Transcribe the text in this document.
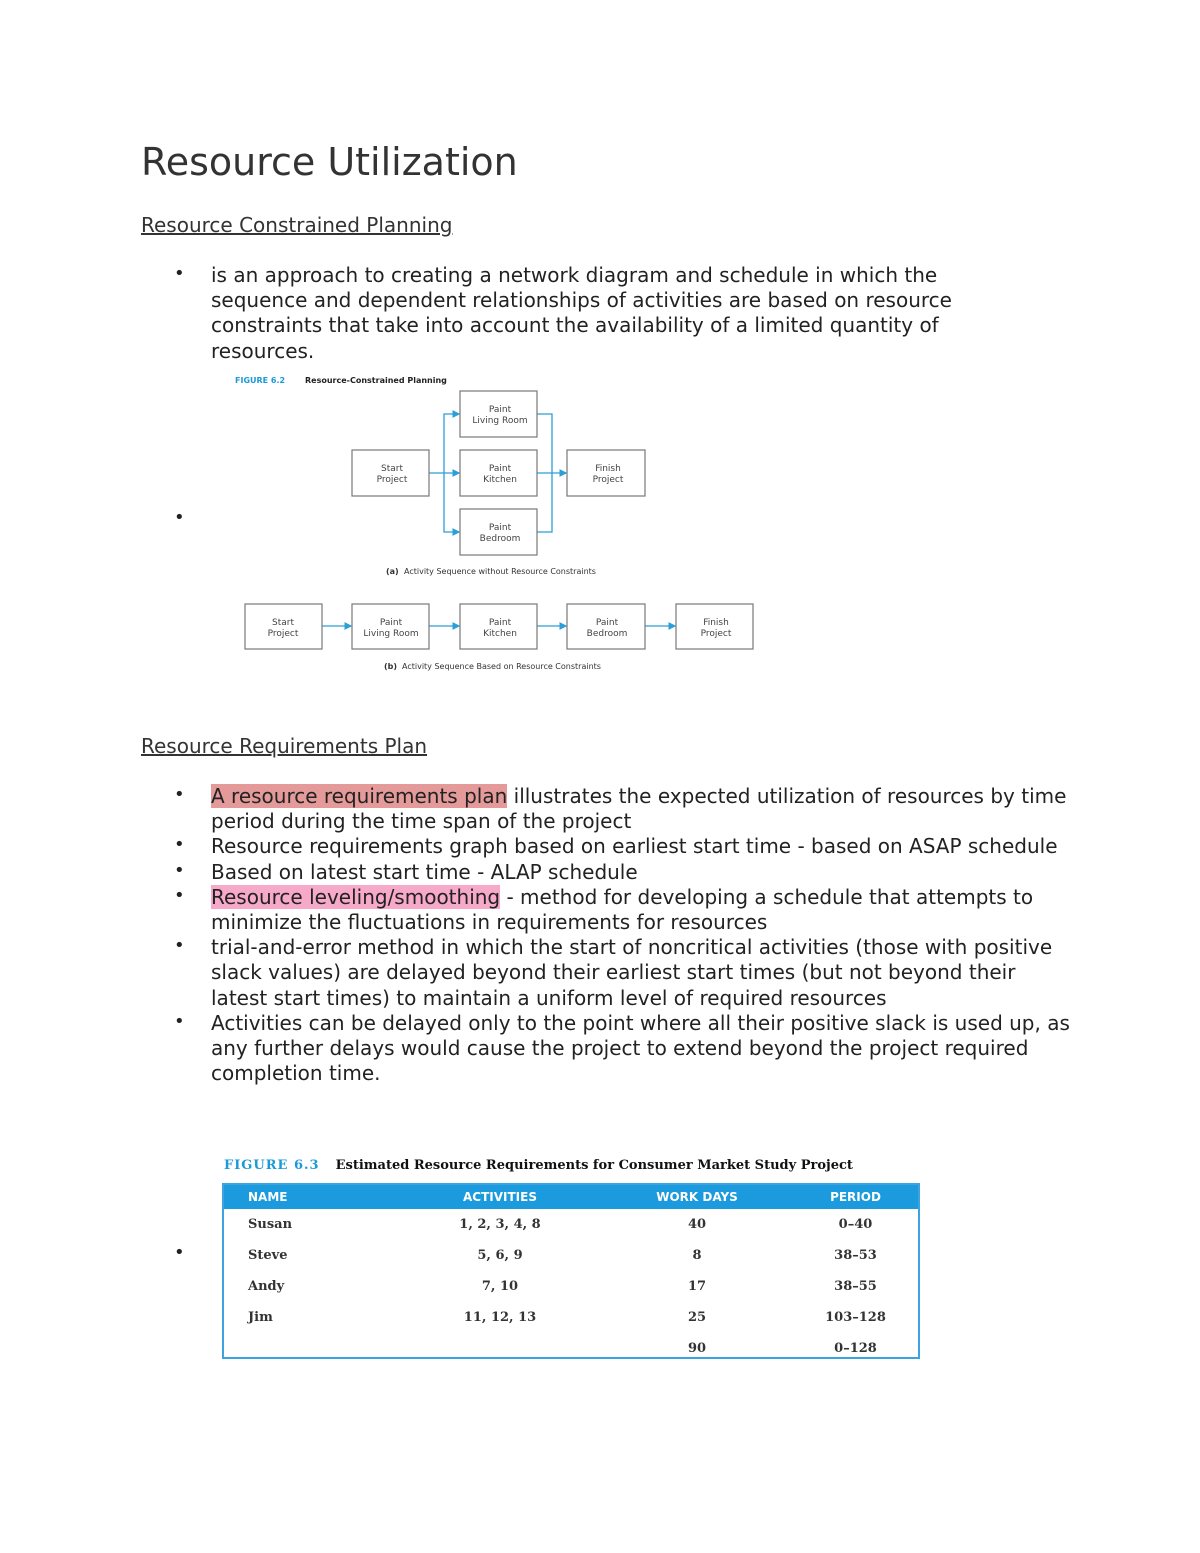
Resource Utilization
Resource Constrained Planning
• is an approach to creating a network diagram and schedule in which the sequence and dependent relationships of activities are based on resource constraints that take into account the availability of a limited quantity of resources.
•
FIGURE 6.2 Resource-Constrained Planning
Start
Project
Paint
Living Room
Paint
Kitchen
Paint
Bedroom
Finish
Project
(a) Activity Sequence without Resource Constraints
Start
Project
Paint
Living Room
Paint
Kitchen
Paint
Bedroom
Finish
Project
(b) Activity Sequence Based on Resource Constraints
Resource Requirements Plan
• A resource requirements plan illustrates the expected utilization of resources by time period during the time span of the project
• Resource requirements graph based on earliest start time - based on ASAP schedule
• Based on latest start time - ALAP schedule
• Resource leveling/smoothing - method for developing a schedule that attempts to minimize the fluctuations in requirements for resources
• trial-and-error method in which the start of noncritical activities (those with positive slack values) are delayed beyond their earliest start times (but not beyond their latest start times) to maintain a uniform level of required resources
• Activities can be delayed only to the point where all their positive slack is used up, as any further delays would cause the project to extend beyond the project required completion time.
FIGURE 6.3 Estimated Resource Requirements for Consumer Market Study Project
•
NAME	ACTIVITIES	WORK DAYS	PERIOD
Susan	1, 2, 3, 4, 8	40	0–40
Steve	5, 6, 9	8	38–53
Andy	7, 10	17	38–55
Jim	11, 12, 13	25	103–128
		90	0–128
